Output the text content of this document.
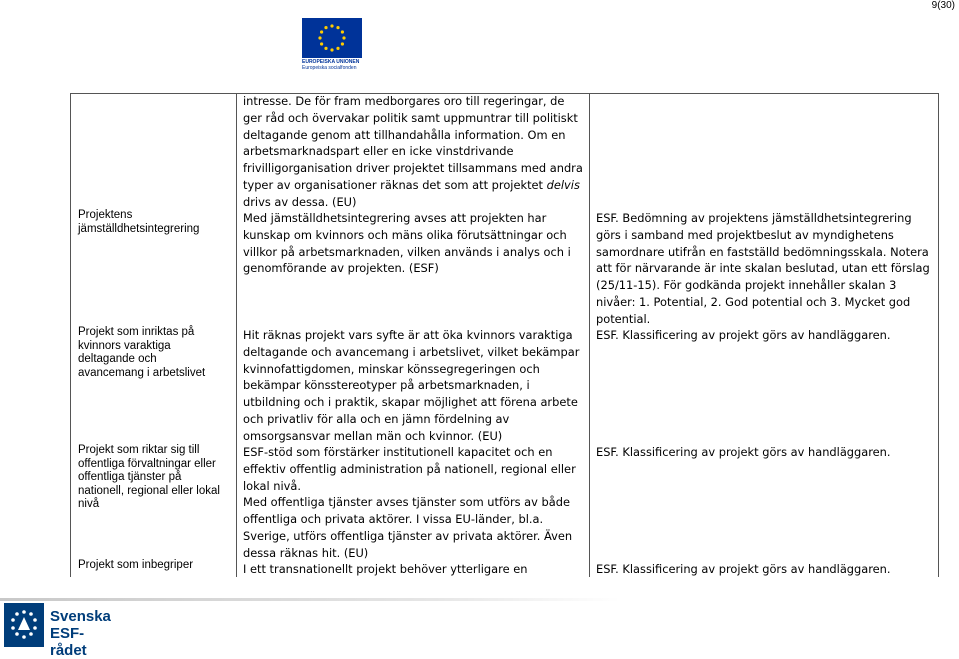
9(30)
EUROPEISKA UNIONEN
Europeiska socialfonden
intresse. De för fram medborgares oro till regeringar, de
ger råd och övervakar politik samt uppmuntrar till politiskt
deltagande genom att tillhandahålla information. Om en
arbetsmarknadspart eller en icke vinstdrivande
frivilligorganisation driver projektet tillsammans med andra
typer av organisationer räknas det som att projektet delvis
drivs av dessa. (EU)
Projektens
jämställdhetsintegrering
Med jämställdhetsintegrering avses att projekten har
kunskap om kvinnors och mäns olika förutsättningar och
villkor på arbetsmarknaden, vilken används i analys och i
genomförande av projekten. (ESF)
ESF. Bedömning av projektens jämställdhetsintegrering
görs i samband med projektbeslut av myndighetens
samordnare utifrån en fastställd bedömningsskala. Notera
att för närvarande är inte skalan beslutad, utan ett förslag
(25/11-15). För godkända projekt innehåller skalan 3
nivåer: 1. Potential, 2. God potential och 3. Mycket god
potential.
Projekt som inriktas på
kvinnors varaktiga
deltagande och
avancemang i arbetslivet
Hit räknas projekt vars syfte är att öka kvinnors varaktiga
deltagande och avancemang i arbetslivet, vilket bekämpar
kvinnofattigdomen, minskar könssegregeringen och
bekämpar könsstereotyper på arbetsmarknaden, i
utbildning och i praktik, skapar möjlighet att förena arbete
och privatliv för alla och en jämn fördelning av
omsorgsansvar mellan män och kvinnor. (EU)
ESF. Klassificering av projekt görs av handläggaren.
Projekt som riktar sig till
offentliga förvaltningar eller
offentliga tjänster på
nationell, regional eller lokal
nivå
ESF-stöd som förstärker institutionell kapacitet och en
effektiv offentlig administration på nationell, regional eller
lokal nivå.
Med offentliga tjänster avses tjänster som utförs av både
offentliga och privata aktörer. I vissa EU-länder, bl.a.
Sverige, utförs offentliga tjänster av privata aktörer. Även
dessa räknas hit. (EU)
ESF. Klassificering av projekt görs av handläggaren.
Projekt som inbegriper	I ett transnationellt projekt behöver ytterligare en	ESF. Klassificering av projekt görs av handläggaren.
Svenska
ESF-rådet
